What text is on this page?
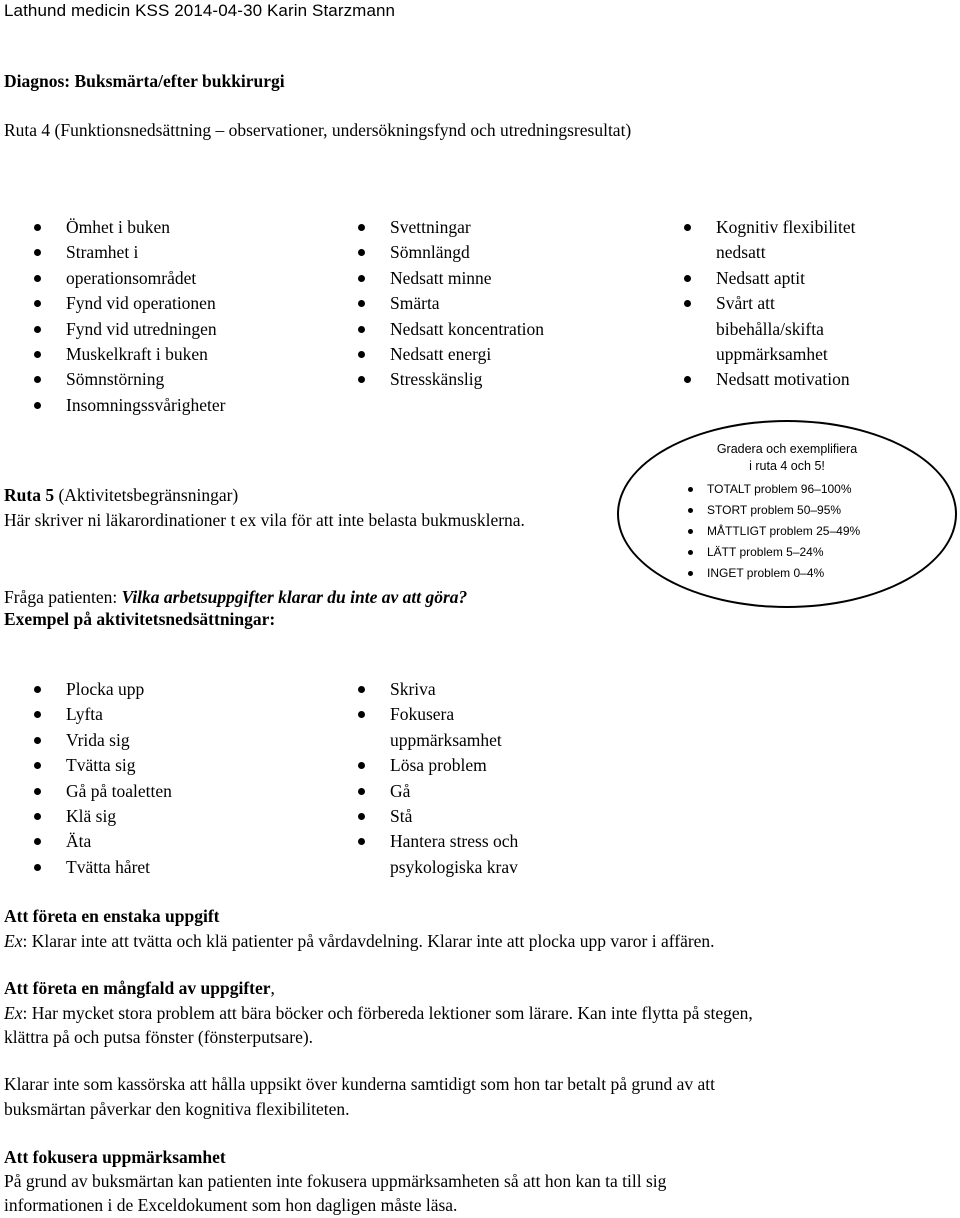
Lathund medicin KSS 2014-04-30 Karin Starzmann
Diagnos: Buksmärta/efter bukkirurgi
Ruta 4 (Funktionsnedsättning – observationer, undersökningsfynd och utredningsresultat)
Ömhet i buken
Stramhet i
operationsområdet
Fynd vid operationen
Fynd vid utredningen
Muskelkraft i buken
Sömnstörning
Insomningssvårigheter
Svettningar
Sömnlängd
Nedsatt minne
Smärta
Nedsatt koncentration
Nedsatt energi
Stresskänslig
Kognitiv flexibilitet
nedsatt
Nedsatt aptit
Svårt att
bibehålla/skifta
uppmärksamhet
Nedsatt motivation
Gradera och exemplifiera
i ruta 4 och 5!
TOTALT problem 96–100%
STORT problem 50–95%
MÅTTLIGT problem 25–49%
LÄTT problem 5–24%
INGET problem 0–4%
Ruta 5 (Aktivitetsbegränsningar)
Här skriver ni läkarordinationer t ex vila för att inte belasta bukmusklerna.
Fråga patienten: Vilka arbetsuppgifter klarar du inte av att göra?
Exempel på aktivitetsnedsättningar:
Plocka upp
Lyfta
Vrida sig
Tvätta sig
Gå på toaletten
Klä sig
Äta
Tvätta håret
Skriva
Fokusera
uppmärksamhet
Lösa problem
Gå
Stå
Hantera stress och
psykologiska krav
Att företa en enstaka uppgift
Ex: Klarar inte att tvätta och klä patienter på vårdavdelning. Klarar inte att plocka upp varor i affären.
Att företa en mångfald av uppgifter,
Ex: Har mycket stora problem att bära böcker och förbereda lektioner som lärare. Kan inte flytta på stegen,
klättra på och putsa fönster (fönsterputsare).
Klarar inte som kassörska att hålla uppsikt över kunderna samtidigt som hon tar betalt på grund av att
buksmärtan påverkar den kognitiva flexibiliteten.
Att fokusera uppmärksamhet
På grund av buksmärtan kan patienten inte fokusera uppmärksamheten så att hon kan ta till sig
informationen i de Exceldokument som hon dagligen måste läsa.
